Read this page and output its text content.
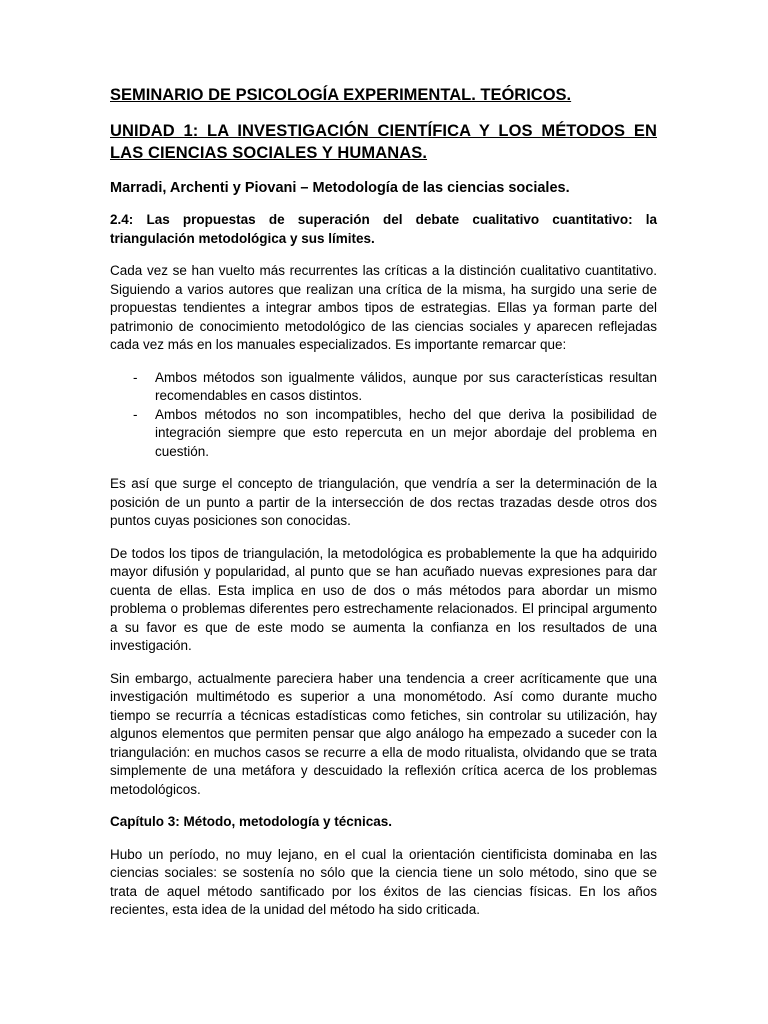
SEMINARIO DE PSICOLOGÍA EXPERIMENTAL. TEÓRICOS.
UNIDAD 1: LA INVESTIGACIÓN CIENTÍFICA Y LOS MÉTODOS EN LAS CIENCIAS SOCIALES Y HUMANAS.
Marradi, Archenti y Piovani – Metodología de las ciencias sociales.
2.4: Las propuestas de superación del debate cualitativo cuantitativo: la triangulación metodológica y sus límites.

Cada vez se han vuelto más recurrentes las críticas a la distinción cualitativo cuantitativo. Siguiendo a varios autores que realizan una crítica de la misma, ha surgido una serie de propuestas tendientes a integrar ambos tipos de estrategias. Ellas ya forman parte del patrimonio de conocimiento metodológico de las ciencias sociales y aparecen reflejadas cada vez más en los manuales especializados. Es importante remarcar que:

- Ambos métodos son igualmente válidos, aunque por sus características resultan recomendables en casos distintos.
- Ambos métodos no son incompatibles, hecho del que deriva la posibilidad de integración siempre que esto repercuta en un mejor abordaje del problema en cuestión.

Es así que surge el concepto de triangulación, que vendría a ser la determinación de la posición de un punto a partir de la intersección de dos rectas trazadas desde otros dos puntos cuyas posiciones son conocidas.

De todos los tipos de triangulación, la metodológica es probablemente la que ha adquirido mayor difusión y popularidad, al punto que se han acuñado nuevas expresiones para dar cuenta de ellas. Esta implica en uso de dos o más métodos para abordar un mismo problema o problemas diferentes pero estrechamente relacionados. El principal argumento a su favor es que de este modo se aumenta la confianza en los resultados de una investigación.

Sin embargo, actualmente pareciera haber una tendencia a creer acríticamente que una investigación multimétodo es superior a una monométodo. Así como durante mucho tiempo se recurría a técnicas estadísticas como fetiches, sin controlar su utilización, hay algunos elementos que permiten pensar que algo análogo ha empezado a suceder con la triangulación: en muchos casos se recurre a ella de modo ritualista, olvidando que se trata simplemente de una metáfora y descuidado la reflexión crítica acerca de los problemas metodológicos.

Capítulo 3: Método, metodología y técnicas.

Hubo un período, no muy lejano, en el cual la orientación cientificista dominaba en las ciencias sociales: se sostenía no sólo que la ciencia tiene un solo método, sino que se trata de aquel método santificado por los éxitos de las ciencias físicas. En los años recientes, esta idea de la unidad del método ha sido criticada.
